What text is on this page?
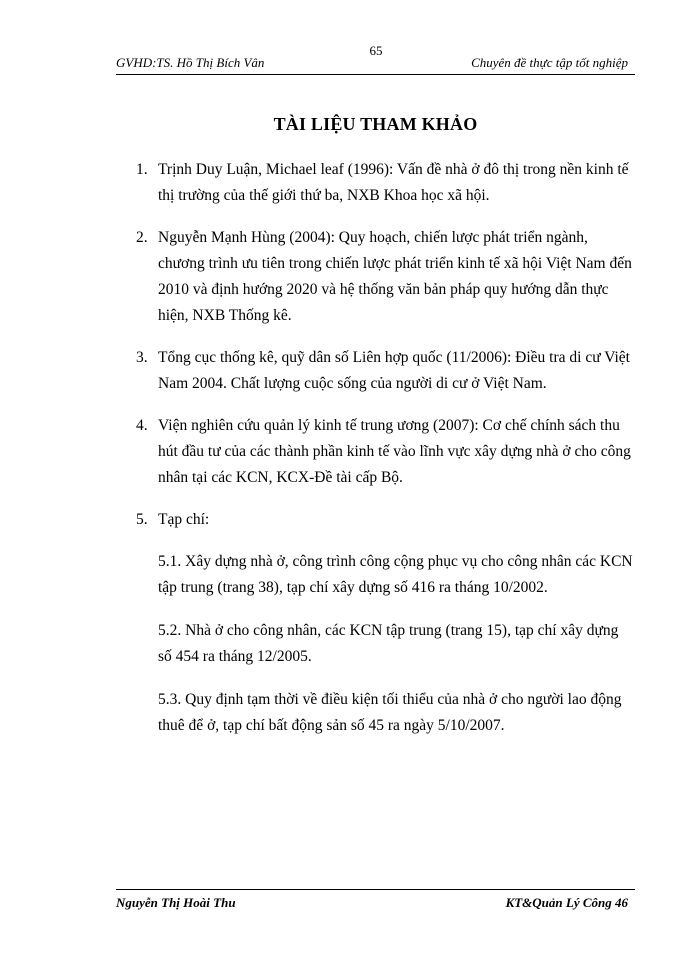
65
GVHD:TS. Hồ Thị Bích Vân	Chuyên đề thực tập tốt nghiệp
TÀI LIỆU THAM KHẢO
1. Trịnh Duy Luận, Michael leaf (1996): Vấn đề nhà ở đô thị trong nền kinh tế thị trường của thế giới thứ ba, NXB Khoa học xã hội.
2. Nguyễn Mạnh Hùng (2004): Quy hoạch, chiến lược phát triển ngành, chương trình ưu tiên trong chiến lược phát triển kinh tế xã hội Việt Nam đến 2010 và định hướng 2020 và hệ thống văn bản pháp quy hướng dẫn thực hiện, NXB Thống kê.
3. Tổng cục thống kê, quỹ dân số Liên hợp quốc (11/2006): Điều tra di cư Việt Nam 2004. Chất lượng cuộc sống của người di cư ở Việt Nam.
4. Viện nghiên cứu quản lý kinh tế trung ương (2007): Cơ chế chính sách thu hút đầu tư của các thành phần kinh tế vào lĩnh vực xây dựng nhà ở cho công nhân tại các KCN, KCX-Đề tài cấp Bộ.
5. Tạp chí:
5.1. Xây dựng nhà ở, công trình công cộng phục vụ cho công nhân các KCN tập trung (trang 38), tạp chí xây dựng số 416 ra tháng 10/2002.
5.2. Nhà ở cho công nhân, các KCN tập trung (trang 15), tạp chí xây dựng số 454 ra tháng 12/2005.
5.3. Quy định tạm thời về điều kiện tối thiểu của nhà ở cho người lao động thuê để ở, tạp chí bất động sản số 45 ra ngày 5/10/2007.
Nguyễn Thị Hoài Thu	KT&Quản Lý Công 46
